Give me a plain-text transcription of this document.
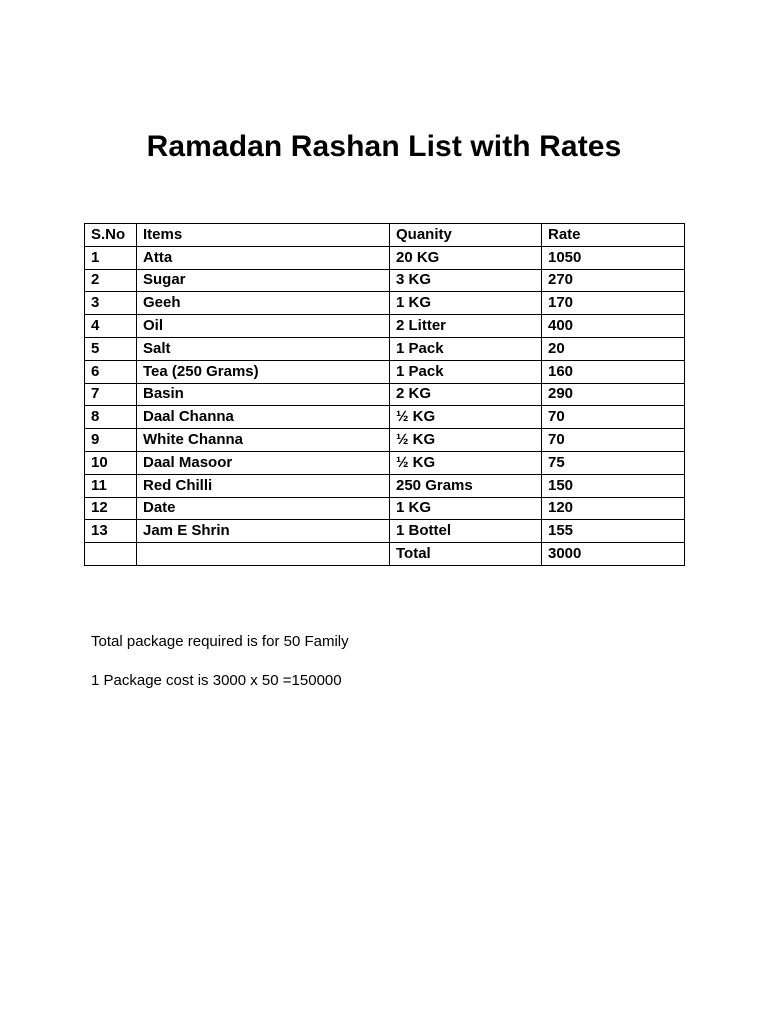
Ramadan Rashan List with Rates
S.No	Items	Quanity	Rate
1	Atta	20 KG	1050
2	Sugar	3 KG	270
3	Geeh	1 KG	170
4	Oil	2 Litter	400
5	Salt	1 Pack	20
6	Tea (250 Grams)	1 Pack	160
7	Basin	2 KG	290
8	Daal Channa	½ KG	70
9	White Channa	½ KG	70
10	Daal Masoor	½ KG	75
11	Red Chilli	250 Grams	150
12	Date	1 KG	120
13	Jam E Shrin	1 Bottel	155
		Total	3000

Total package required is for 50 Family

1 Package cost is 3000 x 50 =150000
